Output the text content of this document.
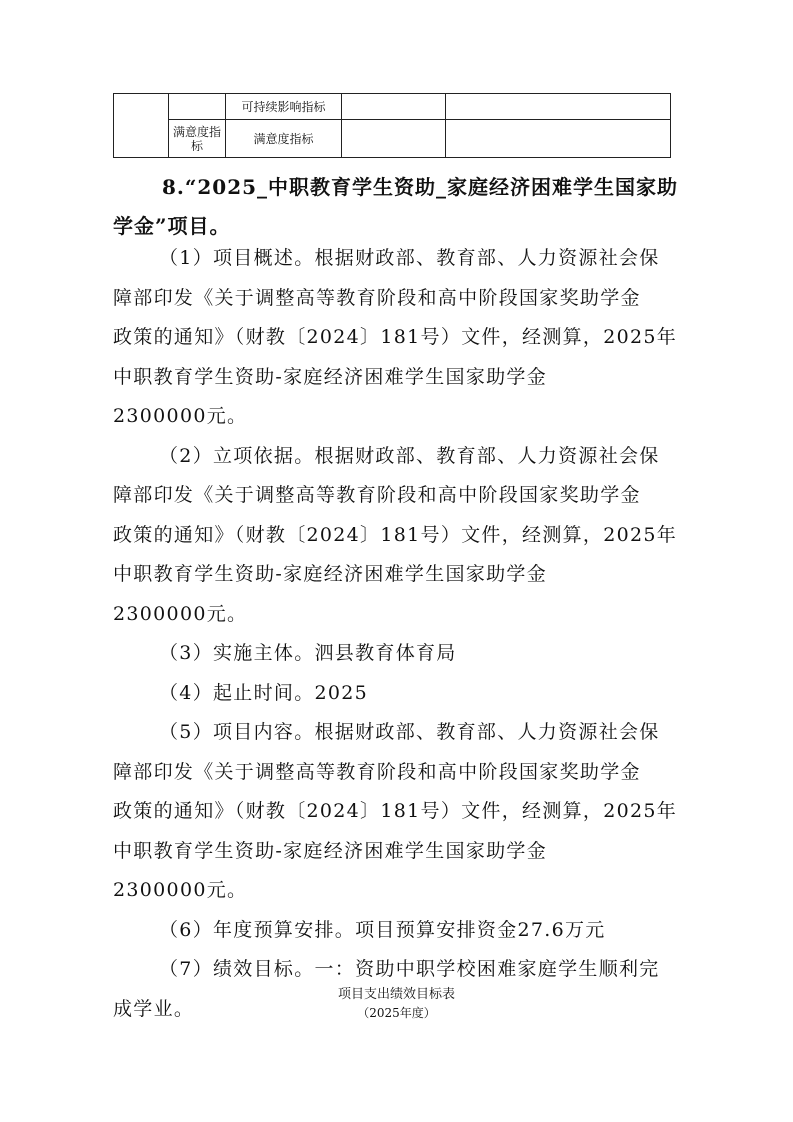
		可持续影响指标		
	满意度指标	满意度指标		
8.“2025_中职教育学生资助_家庭经济困难学生国家助
学金”项目。

（1）项目概述。根据财政部、教育部、人力资源社会保

障部印发《关于调整高等教育阶段和高中阶段国家奖助学金

政策的通知》（财教〔2024〕181号）文件，经测算，2025年

中职教育学生资助-家庭经济困难学生国家助学金

2300000元。

（2）立项依据。根据财政部、教育部、人力资源社会保

障部印发《关于调整高等教育阶段和高中阶段国家奖助学金

政策的通知》（财教〔2024〕181号）文件，经测算，2025年

中职教育学生资助-家庭经济困难学生国家助学金

2300000元。

（3）实施主体。泗县教育体育局

（4）起止时间。2025

（5）项目内容。根据财政部、教育部、人力资源社会保

障部印发《关于调整高等教育阶段和高中阶段国家奖助学金

政策的通知》（财教〔2024〕181号）文件，经测算，2025年

中职教育学生资助-家庭经济困难学生国家助学金

2300000元。

（6）年度预算安排。项目预算安排资金27.6万元

（7）绩效目标。一：资助中职学校困难家庭学生顺利完

成学业。

项目支出绩效目标表

（2025年度）
